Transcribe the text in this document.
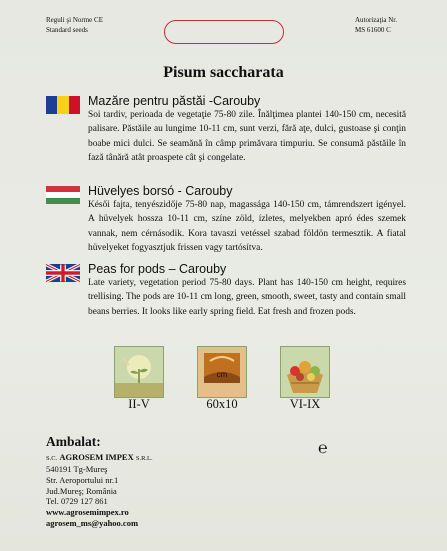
Reguli şi Norme CE
Standard seeds
Autorizaţia Nr.
MS 61600 C
Pisum saccharata
Mazăre pentru păstăi -Carouby
Soi tardiv, perioada de vegetaţie 75-80 zile. Înălţimea plantei 140-150 cm, necesită palisare. Păstăile au lungime 10-11 cm, sunt verzi, fără aţe, dulci, gustoase şi conţin boabe mici dulci. Se seamănă în câmp primăvara timpuriu. Se consumă păstăile în fază tânără atât proaspete cât şi congelate.
Hüvelyes borsó - Carouby
Késői fajta, tenyészidője 75-80 nap, magassága 140-150 cm, támrendszert igényel. A hüvelyek hossza 10-11 cm, színe zöld, ízletes, melyekben apró édes szemek vannak, nem cérnásodik. Kora tavaszi vetéssel szabad földön termesztik. A fiatal hüvelyeket fogyasztjuk frissen vagy tartósítva.
Peas for pods – Carouby
Late variety, vegetation period 75-80 days. Plant has 140-150 cm height, requires trellising. The pods are 10-11 cm long, green, smooth, sweet, tasty and contain small beans berries. It looks like early spring field. Eat fresh and frozen pods.
II-V
cm
60x10	VI-IX
Ambalat:
S.C. AGROSEM IMPEX S.R.L.
540191 Tg-Mureş
Str. Aeroportului nr.1
Jud.Mureş; România
Tel. 0729 127 861
www.agrosemimpex.ro
agrosem_ms@yahoo.com
℮
